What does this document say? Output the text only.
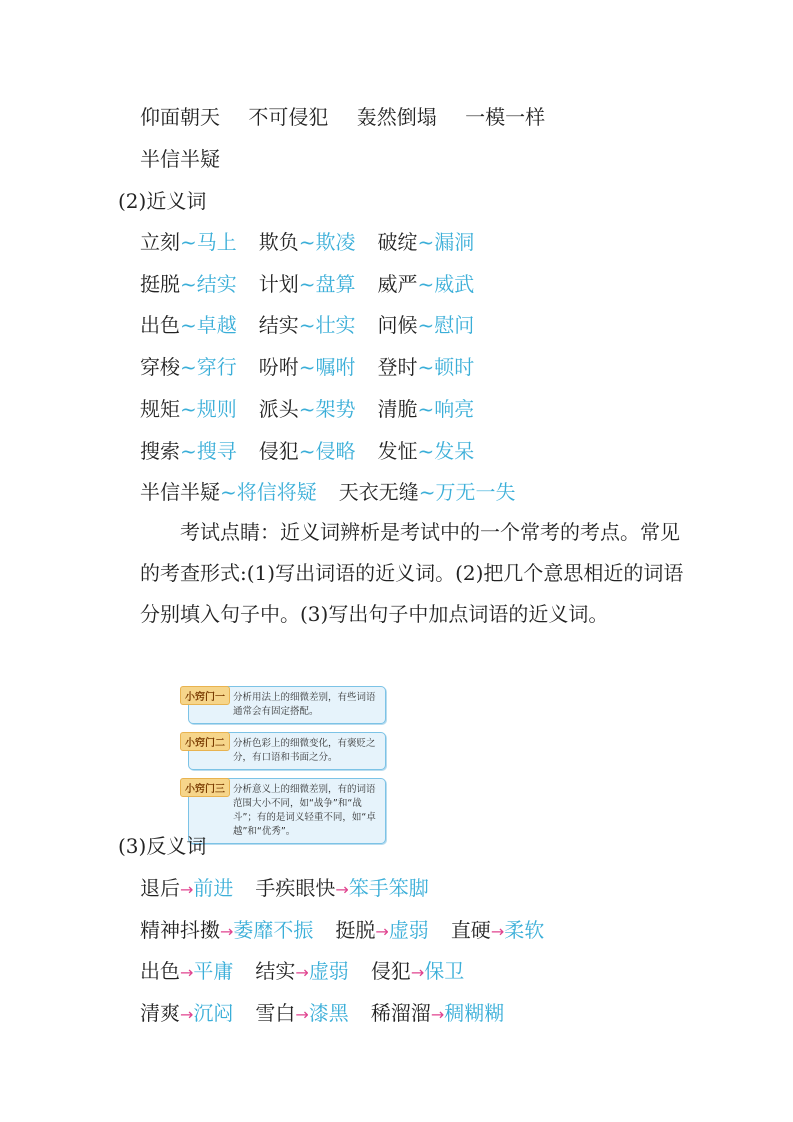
仰面朝天 不可侵犯 轰然倒塌 一模一样
半信半疑
(2)近义词
立刻~马上 欺负~欺凌 破绽~漏洞
挺脱~结实 计划~盘算 威严~威武
出色~卓越 结实~壮实 问候~慰问
穿梭~穿行 吩咐~嘱咐 登时~顿时
规矩~规则 派头~架势 清脆~响亮
搜索~搜寻 侵犯~侵略 发怔~发呆
半信半疑~将信将疑 天衣无缝~万无一失
考试点睛：近义词辨析是考试中的一个常考的考点。常见的考查形式:(1)写出词语的近义词。(2)把几个意思相近的词语分别填入句子中。(3)写出句子中加点词语的近义词。
小窍门一 分析用法上的细微差别，有些词语通常会有固定搭配。
小窍门二 分析色彩上的细微变化，有褒贬之分，有口语和书面之分。
小窍门三 分析意义上的细微差别，有的词语范围大小不同，如“战争”和“战斗”；有的是词义轻重不同，如“卓越”和“优秀”。
(3)反义词
退后→前进 手疾眼快→笨手笨脚
精神抖擞→萎靡不振 挺脱→虚弱 直硬→柔软
出色→平庸 结实→虚弱 侵犯→保卫
清爽→沉闷 雪白→漆黑 稀溜溜→稠糊糊
